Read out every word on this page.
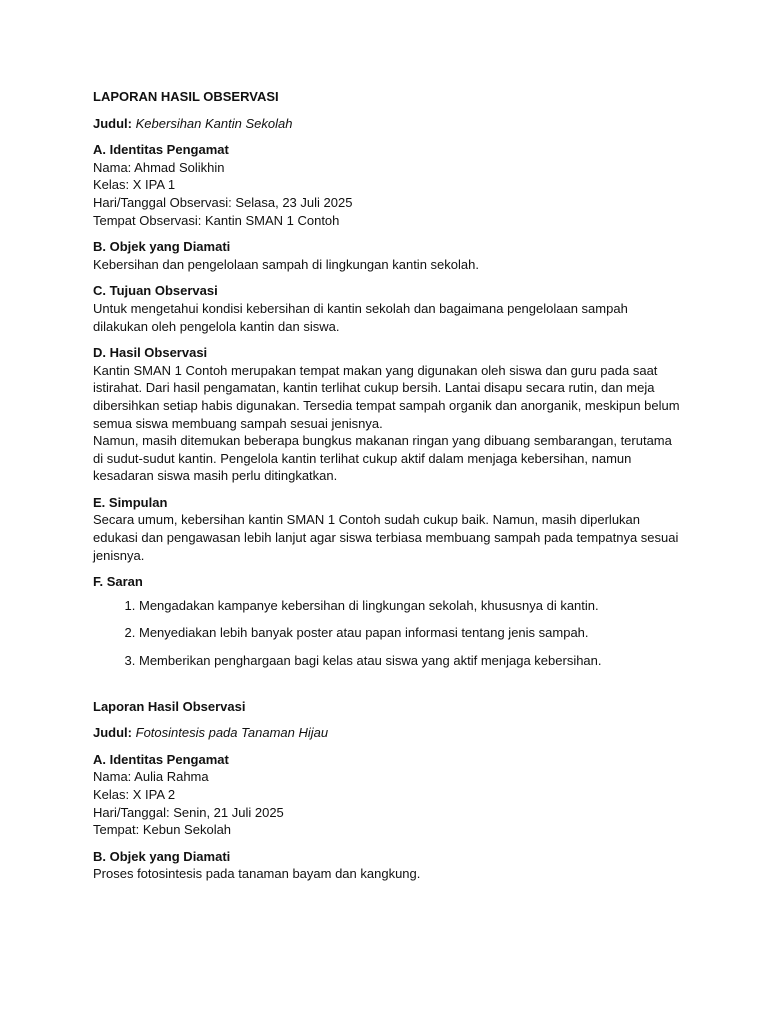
LAPORAN HASIL OBSERVASI

Judul: Kebersihan Kantin Sekolah

A. Identitas Pengamat

Nama: Ahmad Solikhin

Kelas: X IPA 1

Hari/Tanggal Observasi: Selasa, 23 Juli 2025

Tempat Observasi: Kantin SMAN 1 Contoh

B. Objek yang Diamati

Kebersihan dan pengelolaan sampah di lingkungan kantin sekolah.

C. Tujuan Observasi

Untuk mengetahui kondisi kebersihan di kantin sekolah dan bagaimana pengelolaan sampah dilakukan oleh pengelola kantin dan siswa.

D. Hasil Observasi

Kantin SMAN 1 Contoh merupakan tempat makan yang digunakan oleh siswa dan guru pada saat istirahat. Dari hasil pengamatan, kantin terlihat cukup bersih. Lantai disapu secara rutin, dan meja dibersihkan setiap habis digunakan. Tersedia tempat sampah organik dan anorganik, meskipun belum semua siswa membuang sampah sesuai jenisnya.

Namun, masih ditemukan beberapa bungkus makanan ringan yang dibuang sembarangan, terutama di sudut-sudut kantin. Pengelola kantin terlihat cukup aktif dalam menjaga kebersihan, namun kesadaran siswa masih perlu ditingkatkan.

E. Simpulan

Secara umum, kebersihan kantin SMAN 1 Contoh sudah cukup baik. Namun, masih diperlukan edukasi dan pengawasan lebih lanjut agar siswa terbiasa membuang sampah pada tempatnya sesuai jenisnya.

F. Saran

1. Mengadakan kampanye kebersihan di lingkungan sekolah, khususnya di kantin.
2. Menyediakan lebih banyak poster atau papan informasi tentang jenis sampah.
3. Memberikan penghargaan bagi kelas atau siswa yang aktif menjaga kebersihan.

Laporan Hasil Observasi

Judul: Fotosintesis pada Tanaman Hijau

A. Identitas Pengamat

Nama: Aulia Rahma

Kelas: X IPA 2

Hari/Tanggal: Senin, 21 Juli 2025

Tempat: Kebun Sekolah

B. Objek yang Diamati

Proses fotosintesis pada tanaman bayam dan kangkung.
